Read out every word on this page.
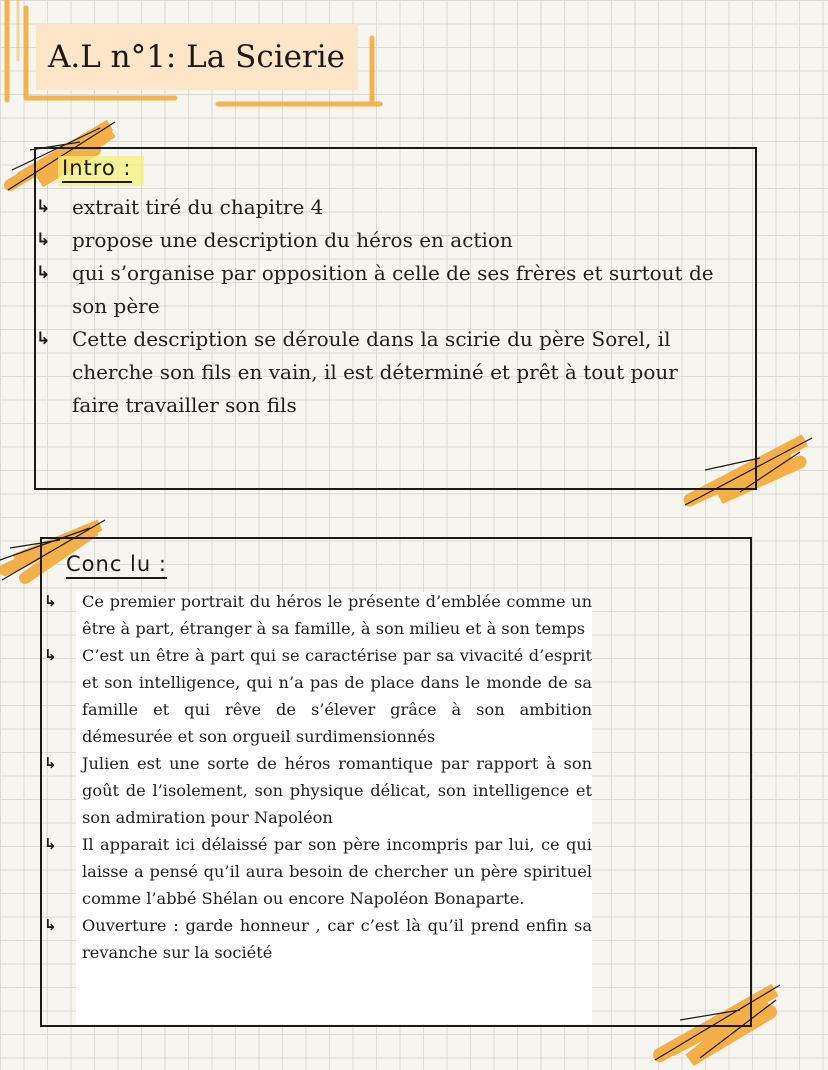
A.L n°1: La Scierie
Intro :
↳ extrait tiré du chapitre 4
↳ propose une description du héros en action
↳ qui s’organise par opposition à celle de ses frères et surtout de son père
↳ Cette description se déroule dans la scirie du père Sorel, il cherche son fils en vain, il est déterminé et prêt à tout pour faire travailler son fils
Conc lu :
↳ Ce premier portrait du héros le présente d’emblée comme un être à part, étranger à sa famille, à son milieu et à son temps
↳ C’est un être à part qui se caractérise par sa vivacité d’esprit et son intelligence, qui n’a pas de place dans le monde de sa famille et qui rêve de s’élever grâce à son ambition démesurée et son orgueil surdimensionnés
↳ Julien est une sorte de héros romantique par rapport à son goût de l’isolement, son physique délicat, son intelligence et son admiration pour Napoléon
↳ Il apparait ici délaissé par son père incompris par lui, ce qui laisse a pensé qu’il aura besoin de chercher un père spirituel comme l’abbé Shélan ou encore Napoléon Bonaparte.
↳ Ouverture : garde honneur , car c’est là qu’il prend enfin sa revanche sur la société
